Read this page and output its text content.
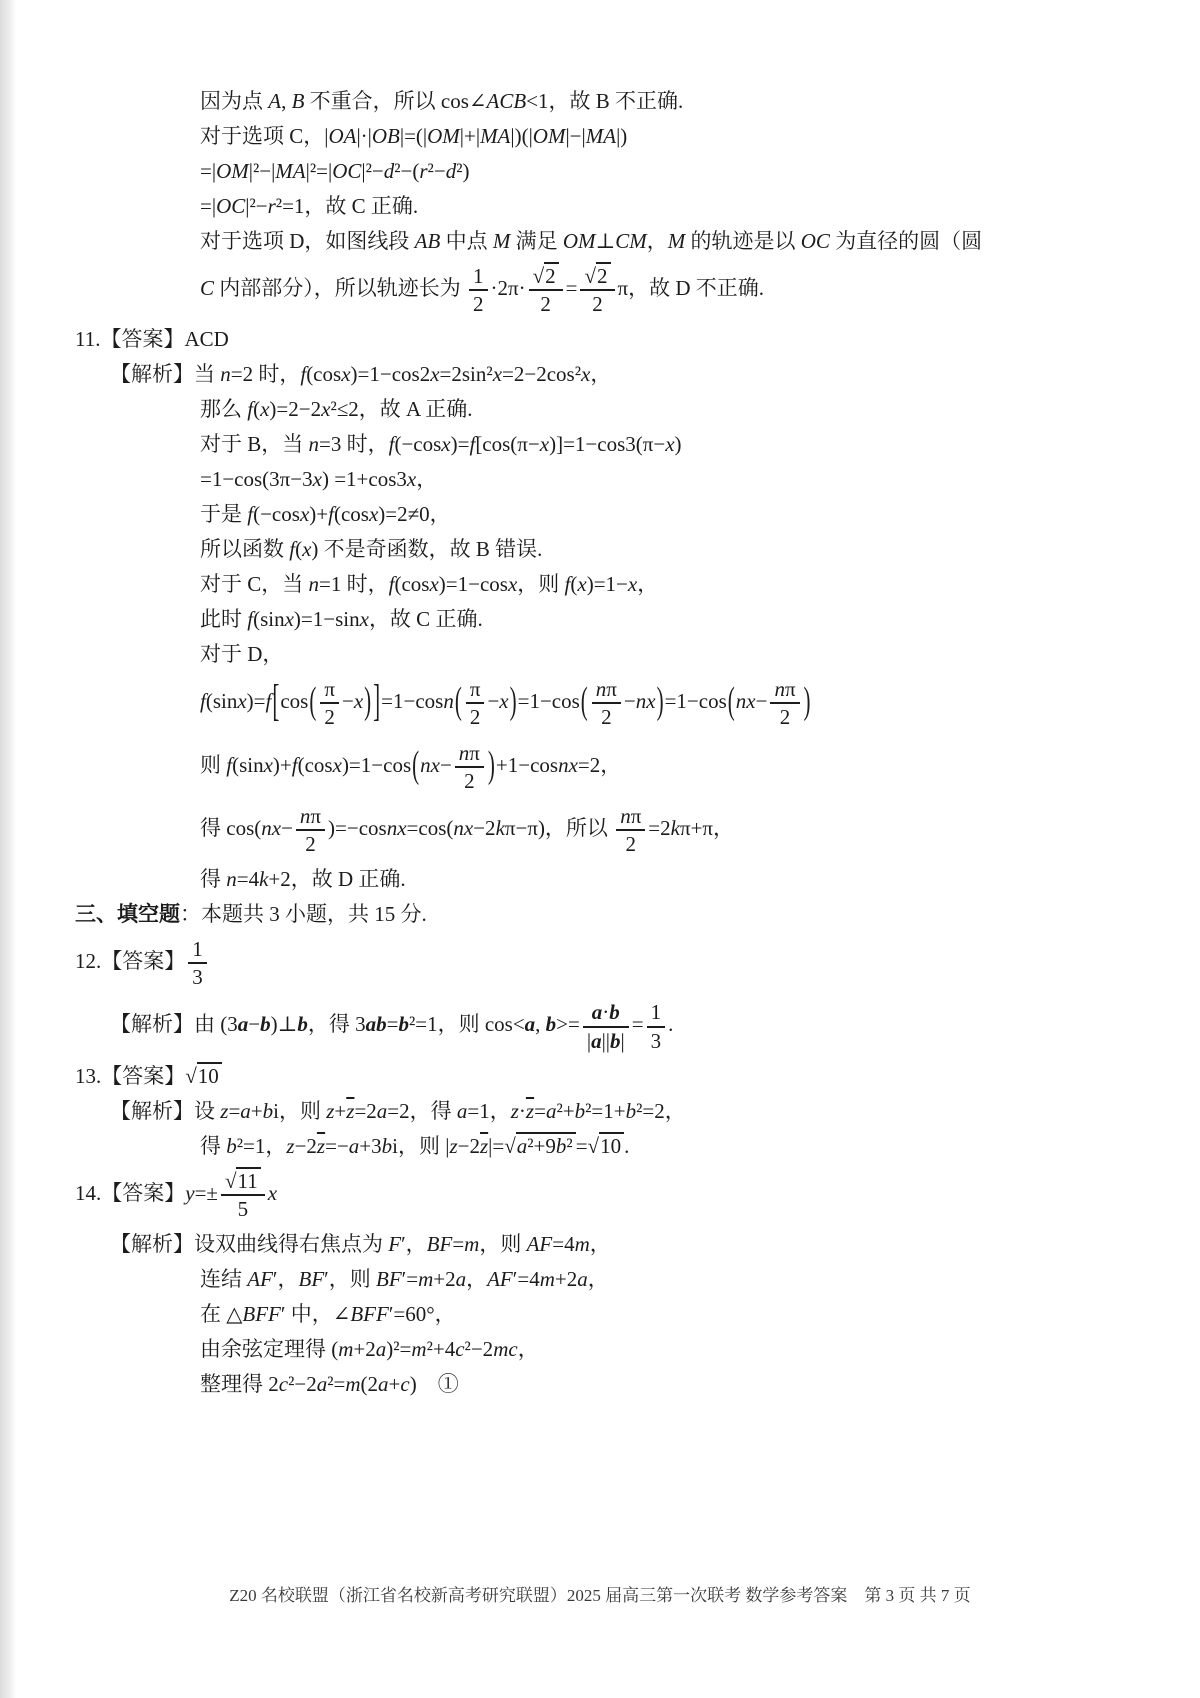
因为点 A, B 不重合，所以 cos∠ACB<1，故 B 不正确.
对于选项 C，|OA|·|OB|=(|OM|+|MA|)(|OM|−|MA|)
=|OM|²−|MA|²=|OC|²−d²−(r²−d²)
=|OC|²−r²=1，故 C 正确.
对于选项 D，如图线段 AB 中点 M 满足 OM⊥CM，M 的轨迹是以 OC 为直径的圆（圆
C 内部部分），所以轨迹长为 $\frac{1}{2} \cdot 2\pi\cdot \frac{√2}{2} = \frac{√2}{2}$ π，故 D 不正确.
11.【答案】ACD
【解析】当 n=2 时，f(cosx)=1−cos2x=2sin²x=2−2cos²x，
那么 f(x)=2−2x²≤2，故 A 正确.
对于 B，当 n=3 时，f(−cosx)=f[cos(π−x)]=1−cos3(π−x)
=1−cos(3π−3x) =1+cos3x，
于是 f(−cosx)+f(cosx)=2≠0，
所以函数 f(x) 不是奇函数，故 B 错误.
对于 C，当 n=1 时，f(cosx)=1−cosx，则 f(x)=1−x，
此时 f(sinx)=1−sinx，故 C 正确.
对于 D，
$f(\sin x)=f[\cos( \frac{\pi}{2} -x)]=1-\cos n( \frac{\pi}{2} -x)=1-\cos( \frac{n\pi}{2} -nx)=1-\cos(nx- \frac{n\pi}{2}$ )
则 $f(\sin x)+f(\cos x)=1-\cos(nx- \frac{n\pi}{2}$ )+1−cosnx=2，
得 $\cos(nx- \frac{n\pi}{2}$ )=−cosnx=cos(nx−2kπ−π)，所以 $\frac{n\pi}{2} =2k\pi+\pi$，
得 n=4k+2，故 D 正确.
三、填空题：本题共 3 小题，共 15 分.
12.【答案】 $\frac{1}{3}$
【解析】由 (3a−b)⊥b，得 3ab=b²=1，则 cos<a, $b>= \frac{a\cdot b}{|a||b|} = \frac{1}{3}$ .
13.【答案】√10
【解析】设 z=a+bi，则 $z+\overline{z}=2a=2$，得 a=1，$z\cdot\overline{z}=a^2+b^2=1+b^2=2$，
得 b²=1，$z-2\overline{z}=-a+3bi$，则 $|z-2\overline{z}|=√a^2+9b^2 =√10$ .
14.【答案】$y=\pm \frac{√11}{5}$ x
【解析】设双曲线得右焦点为 F′，BF=m，则 AF=4m，
连结 AF′，BF′，则 BF′=m+2a，AF′=4m+2a，
在 △BFF′ 中，∠BFF′=60°，
由余弦定理得 (m+2a)²=m²+4c²−2mc，
整理得 2c²−2a²=m(2a+c)　①
Z20 名校联盟（浙江省名校新高考研究联盟）2025 届高三第一次联考 数学参考答案　第 3 页 共 7 页
